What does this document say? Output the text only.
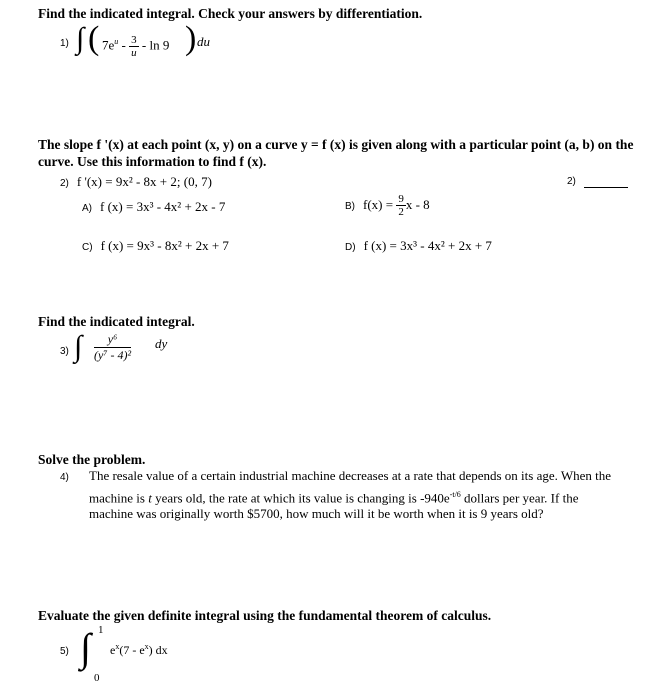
Find the indicated integral. Check your answers by differentiation.
1) ∫ ( $7e^u - \frac{3}{u}$ - ln 9 ) du
The slope f '(x) at each point (x, y) on a curve y = f (x) is given along with a particular point (a, b) on the
curve. Use this information to find f (x).
2) f '(x) = 9x² - 8x + 2; (0, 7)	2)
A) f (x) = 3x³ - 4x² + 2x - 7	B) $f(x) = \frac{9}{2}$ x - 8
C) f (x) = 9x³ - 8x² + 2x + 7	D) f (x) = 3x³ - 4x² + 2x + 7
Find the indicated integral.
3) ∫ $\frac{\text{y⁶}}{\text{(y⁷ - 4)²}}$ dy
Solve the problem.
4) The resale value of a certain industrial machine decreases at a rate that depends on its age. When the
machine is t years old, the rate at which its value is changing is $-940e^{-t/6}$ dollars per year. If the
machine was originally worth $5700, how much will it be worth when it is 9 years old?
Evaluate the given definite integral using the fundamental theorem of calculus.
5)
1
∫
0
$e^x(7 - e^x)$ dx
